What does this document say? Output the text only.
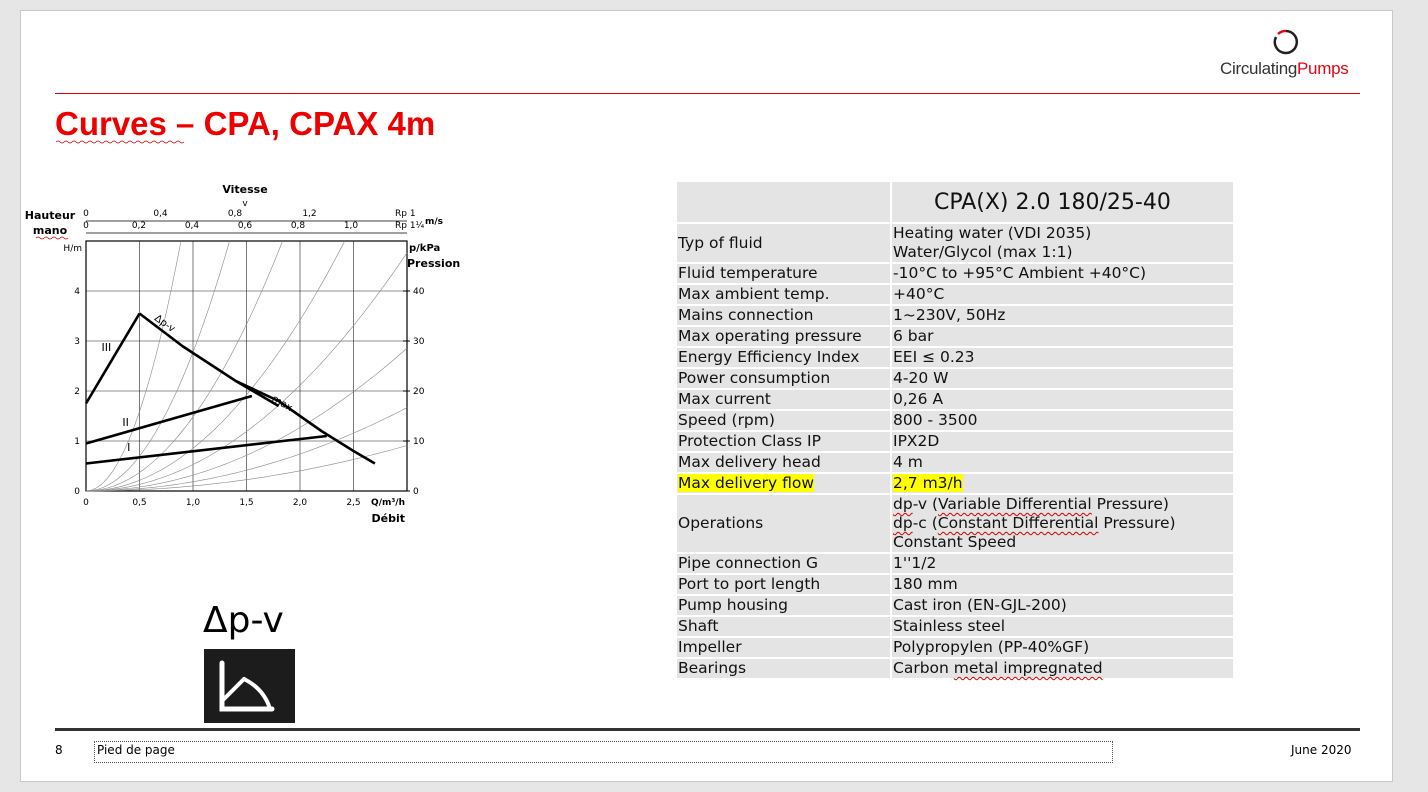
CirculatingPumps
Curves – CPA, CPAX 4m
0	0,5	1,0	1,5	2,0	2,5
0
1
2
3
4
0
10
20
30
40
0	0,4	0,8	1,2
0	0,2	0,4	0,6	0,8	1,0
Rp 1
Rp 1¼ m/s
Vitesse
v
Hauteur
mano
H/m	p/kPa
Pression
Q/m³/h
Débit
I
II
III
Δp-v
max
Δp-v
	CPA(X) 2.0 180/25-40
Typ of fluid	Heating water (VDI 2035)
Water/Glycol (max 1:1)

Fluid temperature	-10°C to +95°C Ambient +40°C)

Max ambient temp.	+40°C

Mains connection	1~230V, 50Hz

Max operating pressure	6 bar

Energy Efficiency Index	EEI ≤ 0.23

Power consumption	4-20 W

Max current	0,26 A

Speed (rpm)	800 - 3500

Protection Class IP	IPX2D

Max delivery head	4 m

Max delivery flow	2,7 m3/h

Operations	dp-v (Variable Differential Pressure)
dp-c (Constant Differential Pressure)
Constant Speed

Pipe connection G	1''1/2

Port to port length	180 mm

Pump housing	Cast iron (EN-GJL-200)

Shaft	Stainless steel

Impeller	Polypropylen (PP-40%GF)

Bearings	Carbon metal impregnated
8	Pied de page	June 2020
